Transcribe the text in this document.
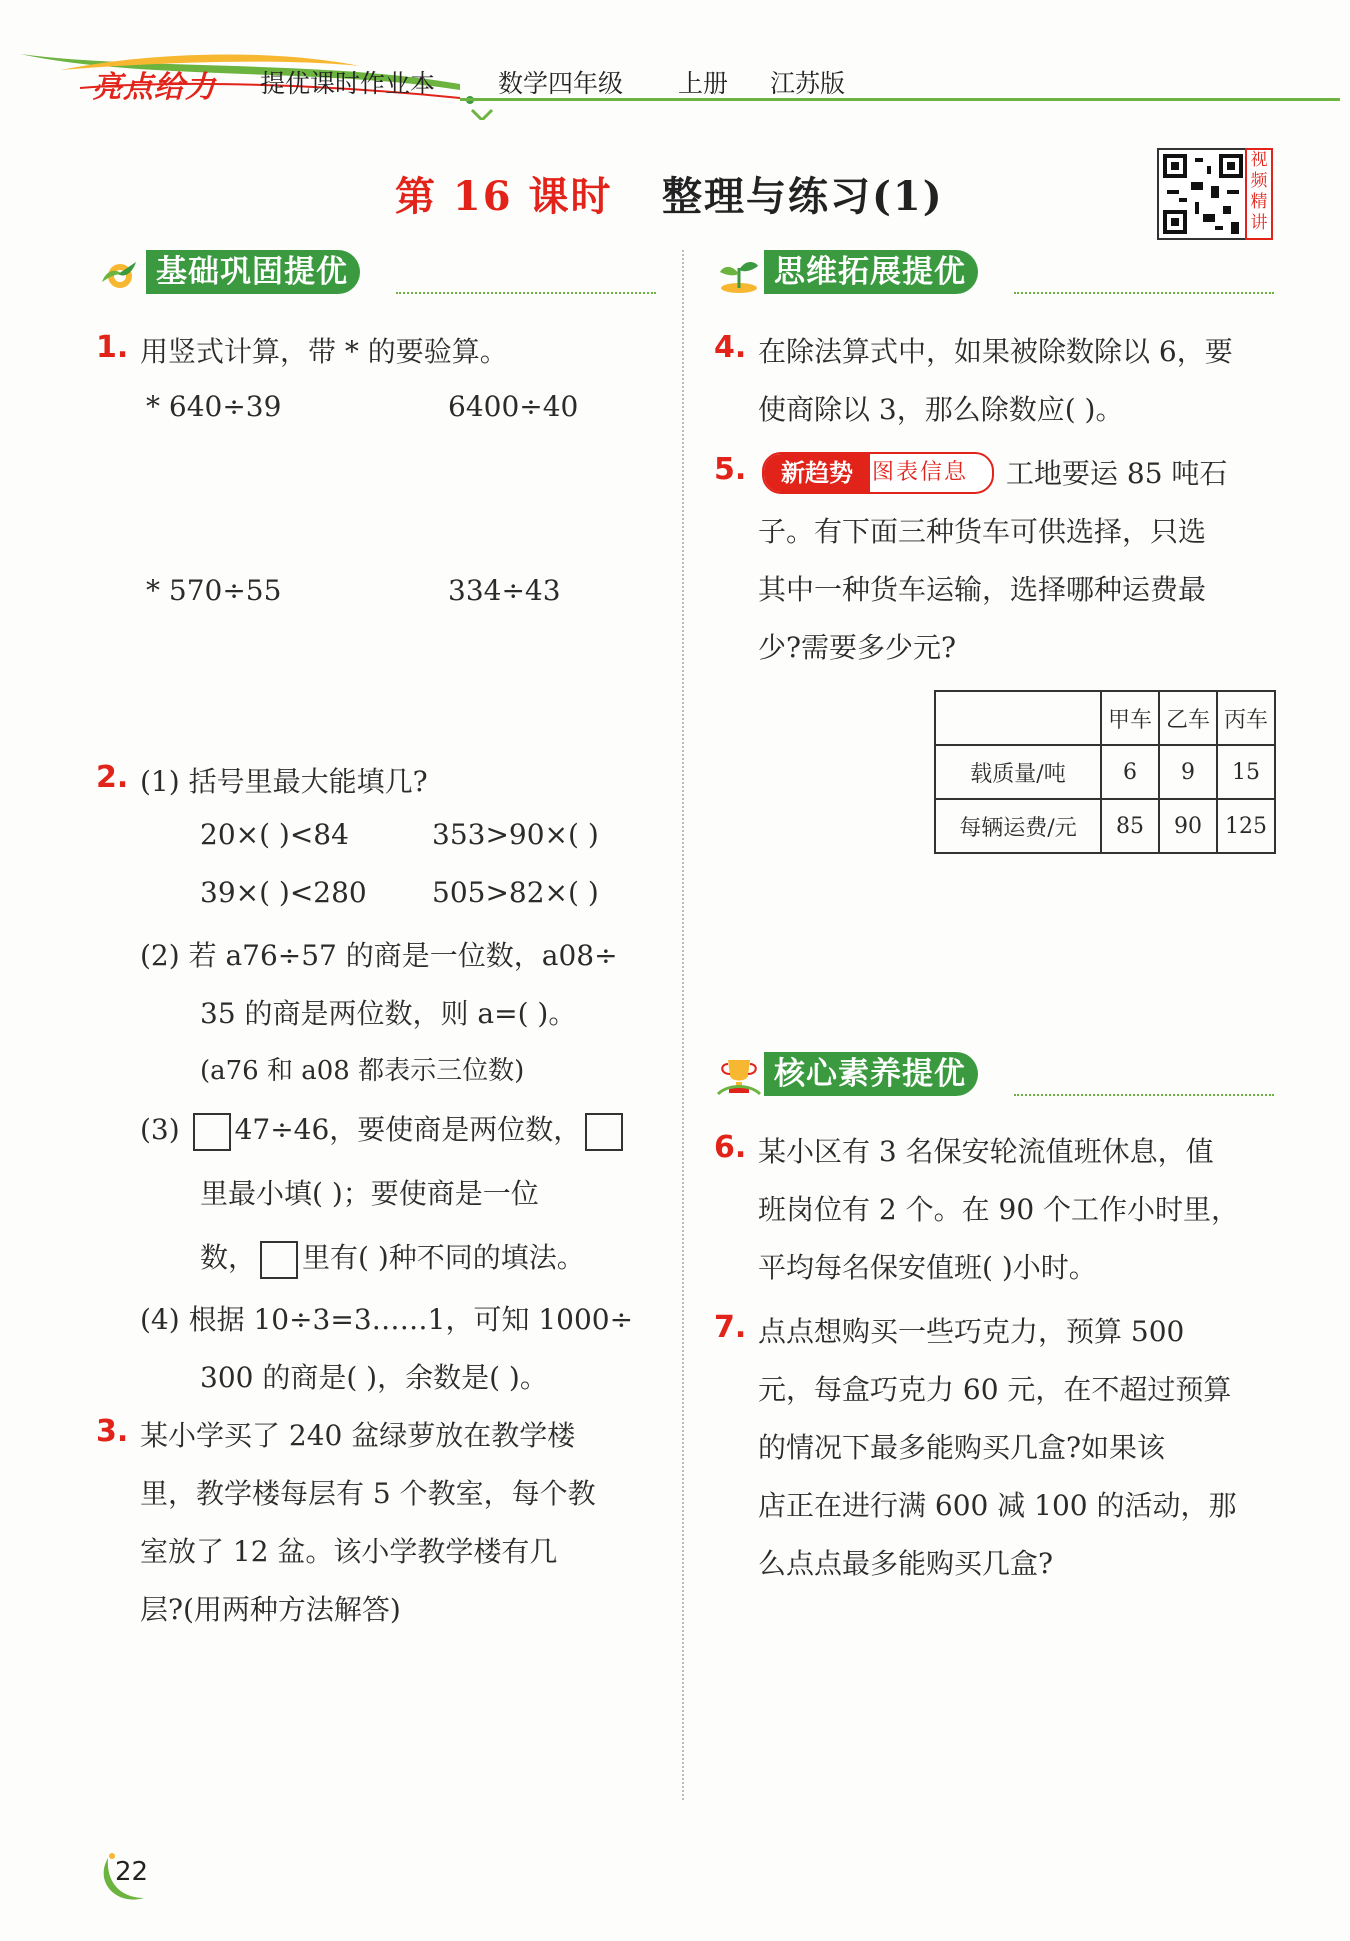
亮点给力 提优课时作业本	数学四年级 上册 江苏版
第 16 课时 整理与练习(1)
视频精讲
基础巩固提优
1. 用竖式计算，带 * 的要验算。
* 640÷39	6400÷40
* 570÷55	334÷43
2. (1) 括号里最大能填几?
20×( )<84	353>90×( )
39×( )<280 505>82×( )
(2) 若 a76÷57 的商是一位数，a08÷
35 的商是两位数，则 a=( )。
(a76 和 a08 都表示三位数)
(3) 47÷46，要使商是两位数，
里最小填( )；要使商是一位
数， 里有( )种不同的填法。
(4) 根据 10÷3=3……1，可知 1000÷
300 的商是( )，余数是( )。
3. 某小学买了 240 盆绿萝放在教学楼
里，教学楼每层有 5 个教室，每个教
室放了 12 盆。该小学教学楼有几
层?(用两种方法解答)
思维拓展提优
4. 在除法算式中，如果被除数除以 6，要
使商除以 3，那么除数应( )。
5.	新趋势 图表信息 工地要运 85 吨石
子。有下面三种货车可供选择，只选
其中一种货车运输，选择哪种运费最
少?需要多少元?
	甲车	乙车	丙车
载质量/吨	6	9	15
每辆运费/元	85	90	125
核心素养提优
6. 某小区有 3 名保安轮流值班休息，值
班岗位有 2 个。在 90 个工作小时里，
平均每名保安值班( )小时。
7. 点点想购买一些巧克力，预算 500
元，每盒巧克力 60 元，在不超过预算
的情况下最多能购买几盒?如果该
店正在进行满 600 减 100 的活动，那
么点点最多能购买几盒?
22
